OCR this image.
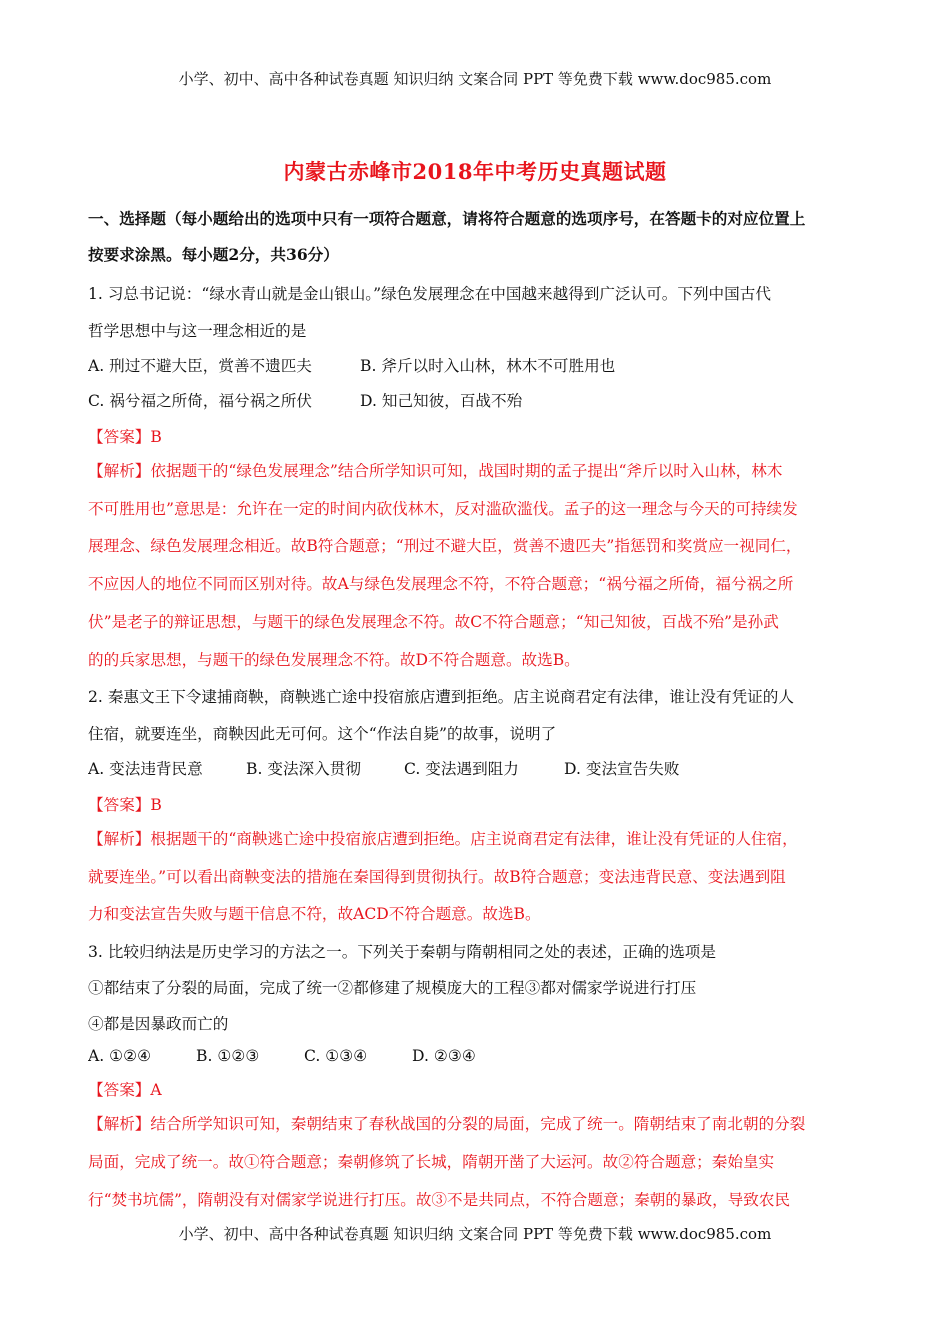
小学、初中、高中各种试卷真题 知识归纳 文案合同 PPT 等免费下载 www.doc985.com
内蒙古赤峰市2018年中考历史真题试题
一、选择题（每小题给出的选项中只有一项符合题意，请将符合题意的选项序号，在答题卡的对应位置上
按要求涂黑。每小题2分，共36分）
1. 习总书记说：“绿水青山就是金山银山。”绿色发展理念在中国越来越得到广泛认可。下列中国古代
哲学思想中与这一理念相近的是
A. 刑过不避大臣，赏善不遗匹夫	B. 斧斤以时入山林，林木不可胜用也
C. 祸兮福之所倚，福兮祸之所伏	D. 知己知彼，百战不殆
【答案】B
【解析】依据题干的“绿色发展理念”结合所学知识可知，战国时期的孟子提出“斧斤以时入山林，林木
不可胜用也”意思是：允许在一定的时间内砍伐林木，反对滥砍滥伐。孟子的这一理念与今天的可持续发
展理念、绿色发展理念相近。故B符合题意；“刑过不避大臣，赏善不遗匹夫”指惩罚和奖赏应一视同仁，
不应因人的地位不同而区别对待。故A与绿色发展理念不符，不符合题意；“祸兮福之所倚，福兮祸之所
伏”是老子的辩证思想，与题干的绿色发展理念不符。故C不符合题意；“知己知彼，百战不殆”是孙武
的的兵家思想，与题干的绿色发展理念不符。故D不符合题意。故选B。
2. 秦惠文王下令逮捕商鞅，商鞅逃亡途中投宿旅店遭到拒绝。店主说商君定有法律，谁让没有凭证的人
住宿，就要连坐，商鞅因此无可何。这个“作法自毙”的故事，说明了
A. 变法违背民意	B. 变法深入贯彻	C. 变法遇到阻力	D. 变法宣告失败
【答案】B
【解析】根据题干的“商鞅逃亡途中投宿旅店遭到拒绝。店主说商君定有法律，谁让没有凭证的人住宿，
就要连坐。”可以看出商鞅变法的措施在秦国得到贯彻执行。故B符合题意；变法违背民意、变法遇到阻
力和变法宣告失败与题干信息不符，故ACD不符合题意。故选B。
3. 比较归纳法是历史学习的方法之一。下列关于秦朝与隋朝相同之处的表述，正确的选项是
①都结束了分裂的局面，完成了统一②都修建了规模庞大的工程③都对儒家学说进行打压
④都是因暴政而亡的
A. ①②④	B. ①②③	C. ①③④	D. ②③④
【答案】A
【解析】结合所学知识可知，秦朝结束了春秋战国的分裂的局面，完成了统一。隋朝结束了南北朝的分裂
局面，完成了统一。故①符合题意；秦朝修筑了长城，隋朝开凿了大运河。故②符合题意；秦始皇实
行“焚书坑儒”，隋朝没有对儒家学说进行打压。故③不是共同点，不符合题意；秦朝的暴政，导致农民
小学、初中、高中各种试卷真题 知识归纳 文案合同 PPT 等免费下载 www.doc985.com
